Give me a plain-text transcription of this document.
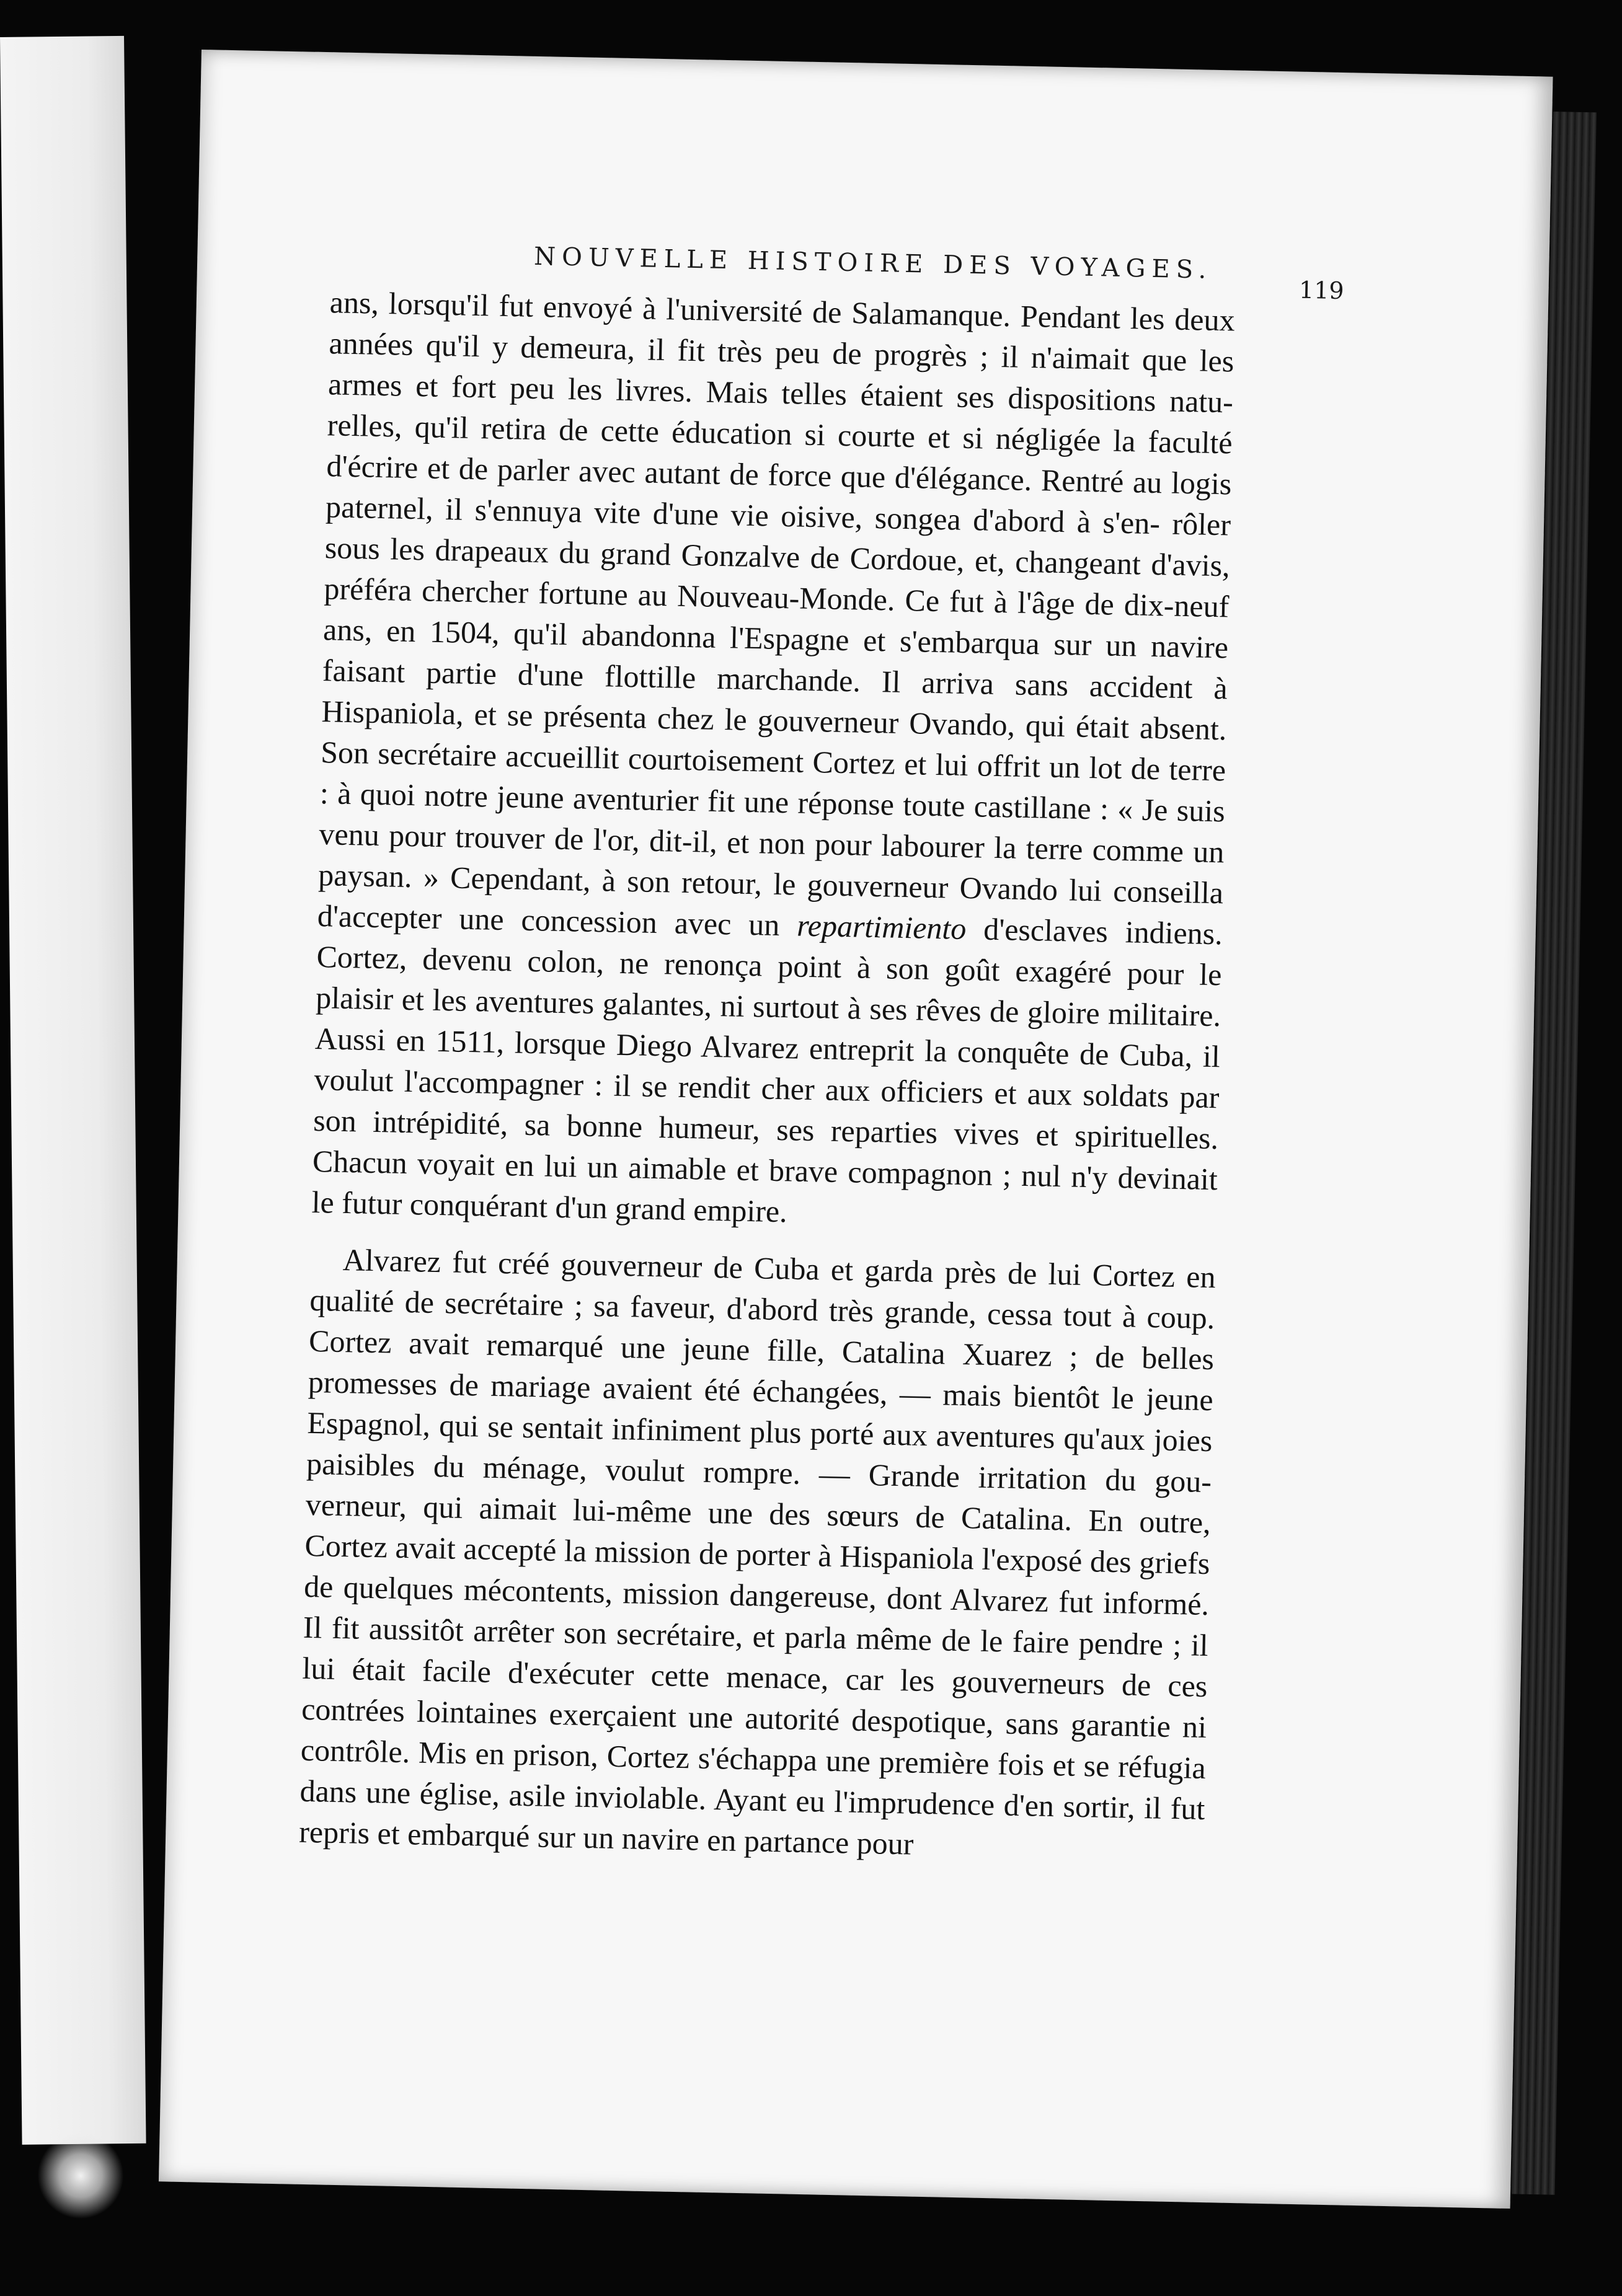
NOUVELLE HISTOIRE DES VOYAGES.
119

ans, lorsqu'il fut envoyé à l'université de Salamanque. Pendant les deux années qu'il y demeura, il fit très peu de progrès ; il n'aimait que les armes et fort peu les livres. Mais telles étaient ses dispositions natu- relles, qu'il retira de cette éducation si courte et si négligée la faculté d'écrire et de parler avec autant de force que d'élégance. Rentré au logis paternel, il s'ennuya vite d'une vie oisive, songea d'abord à s'en- rôler sous les drapeaux du grand Gonzalve de Cordoue, et, changeant d'avis, préféra chercher fortune au Nouveau-Monde. Ce fut à l'âge de dix-neuf ans, en 1504, qu'il abandonna l'Espagne et s'embarqua sur un navire faisant partie d'une flottille marchande. Il arriva sans accident à Hispaniola, et se présenta chez le gouverneur Ovando, qui était absent. Son secrétaire accueillit courtoisement Cortez et lui offrit un lot de terre : à quoi notre jeune aventurier fit une réponse toute castillane : « Je suis venu pour trouver de l'or, dit-il, et non pour labourer la terre comme un paysan. » Cependant, à son retour, le gouverneur Ovando lui conseilla d'accepter une concession avec un repartimiento d'esclaves indiens. Cortez, devenu colon, ne renonça point à son goût exagéré pour le plaisir et les aventures galantes, ni surtout à ses rêves de gloire militaire. Aussi en 1511, lorsque Diego Alvarez entreprit la conquête de Cuba, il voulut l'accompagner : il se rendit cher aux officiers et aux soldats par son intrépidité, sa bonne humeur, ses reparties vives et spirituelles. Chacun voyait en lui un aimable et brave compagnon ; nul n'y devinait le futur conquérant d'un grand empire.

Alvarez fut créé gouverneur de Cuba et garda près de lui Cortez en qualité de secrétaire ; sa faveur, d'abord très grande, cessa tout à coup. Cortez avait remarqué une jeune fille, Catalina Xuarez ; de belles promesses de mariage avaient été échangées, — mais bientôt le jeune Espagnol, qui se sentait infiniment plus porté aux aventures qu'aux joies paisibles du ménage, voulut rompre. — Grande irritation du gou- verneur, qui aimait lui-même une des sœurs de Catalina. En outre, Cortez avait accepté la mission de porter à Hispaniola l'exposé des griefs de quelques mécontents, mission dangereuse, dont Alvarez fut informé. Il fit aussitôt arrêter son secrétaire, et parla même de le faire pendre ; il lui était facile d'exécuter cette menace, car les gouverneurs de ces contrées lointaines exerçaient une autorité despotique, sans garantie ni contrôle. Mis en prison, Cortez s'échappa une première fois et se réfugia dans une église, asile inviolable. Ayant eu l'imprudence d'en sortir, il fut repris et embarqué sur un navire en partance pour
